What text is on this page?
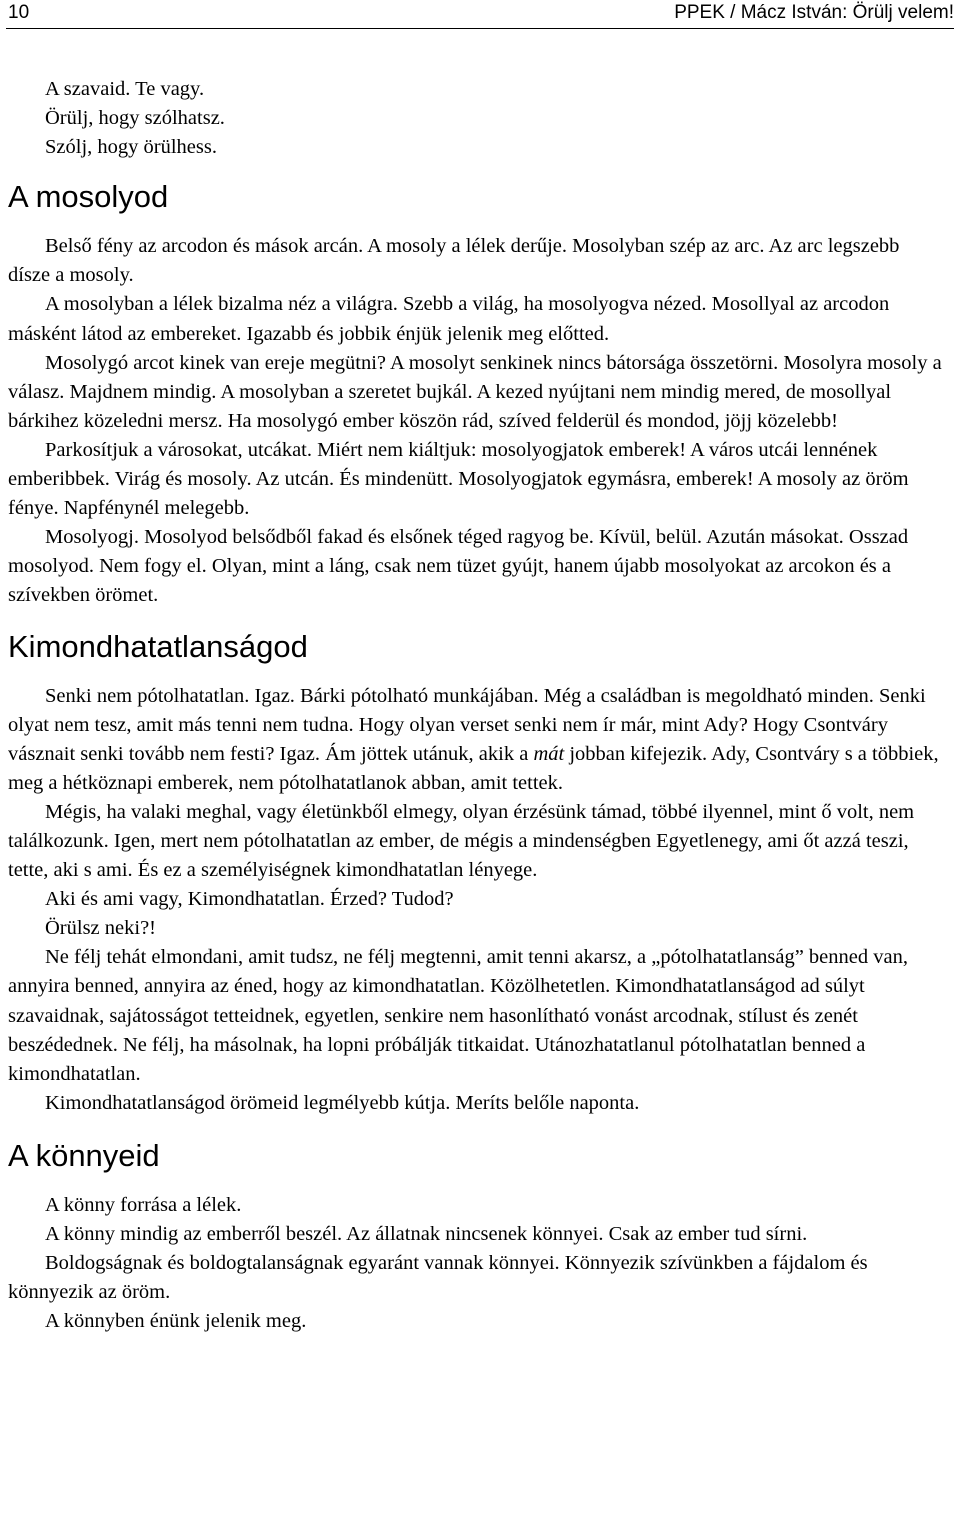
10	PPEK / Mácz István: Örülj velem!

A szavaid. Te vagy.

Örülj, hogy szólhatsz.

Szólj, hogy örülhess.

A mosolyod

Belső fény az arcodon és mások arcán. A mosoly a lélek derűje. Mosolyban szép az arc. Az arc legszebb dísze a mosoly.

A mosolyban a lélek bizalma néz a világra. Szebb a világ, ha mosolyogva nézed. Mosollyal az arcodon másként látod az embereket. Igazabb és jobbik énjük jelenik meg előtted.

Mosolygó arcot kinek van ereje megütni? A mosolyt senkinek nincs bátorsága összetörni. Mosolyra mosoly a válasz. Majdnem mindig. A mosolyban a szeretet bujkál. A kezed nyújtani nem mindig mered, de mosollyal bárkihez közeledni mersz. Ha mosolygó ember köszön rád, szíved felderül és mondod, jöjj közelebb!

Parkosítjuk a városokat, utcákat. Miért nem kiáltjuk: mosolyogjatok emberek! A város utcái lennének emberibbek. Virág és mosoly. Az utcán. És mindenütt. Mosolyogjatok egymásra, emberek! A mosoly az öröm fénye. Napfénynél melegebb.

Mosolyogj. Mosolyod belsődből fakad és elsőnek téged ragyog be. Kívül, belül. Azután másokat. Osszad mosolyod. Nem fogy el. Olyan, mint a láng, csak nem tüzet gyújt, hanem újabb mosolyokat az arcokon és a szívekben örömet.

Kimondhatatlanságod

Senki nem pótolhatatlan. Igaz. Bárki pótolható munkájában. Még a családban is megoldható minden. Senki olyat nem tesz, amit más tenni nem tudna. Hogy olyan verset senki nem ír már, mint Ady? Hogy Csontváry vásznait senki tovább nem festi? Igaz. Ám jöttek utánuk, akik a mát jobban kifejezik. Ady, Csontváry s a többiek, meg a hétköznapi emberek, nem pótolhatatlanok abban, amit tettek.

Mégis, ha valaki meghal, vagy életünkből elmegy, olyan érzésünk támad, többé ilyennel, mint ő volt, nem találkozunk. Igen, mert nem pótolhatatlan az ember, de mégis a mindenségben Egyetlenegy, ami őt azzá teszi, tette, aki s ami. És ez a személyiségnek kimondhatatlan lényege.

Aki és ami vagy, Kimondhatatlan. Érzed? Tudod?

Örülsz neki?!

Ne félj tehát elmondani, amit tudsz, ne félj megtenni, amit tenni akarsz, a „pótolhatatlanság” benned van, annyira benned, annyira az éned, hogy az kimondhatatlan. Közölhetetlen. Kimondhatatlanságod ad súlyt szavaidnak, sajátosságot tetteidnek, egyetlen, senkire nem hasonlítható vonást arcodnak, stílust és zenét beszédednek. Ne félj, ha másolnak, ha lopni próbálják titkaidat. Utánozhatatlanul pótolhatatlan benned a kimondhatatlan.

Kimondhatatlanságod örömeid legmélyebb kútja. Meríts belőle naponta.

A könnyeid

A könny forrása a lélek.

A könny mindig az emberről beszél. Az állatnak nincsenek könnyei. Csak az ember tud sírni.

Boldogságnak és boldogtalanságnak egyaránt vannak könnyei. Könnyezik szívünkben a fájdalom és könnyezik az öröm.

A könnyben énünk jelenik meg.
